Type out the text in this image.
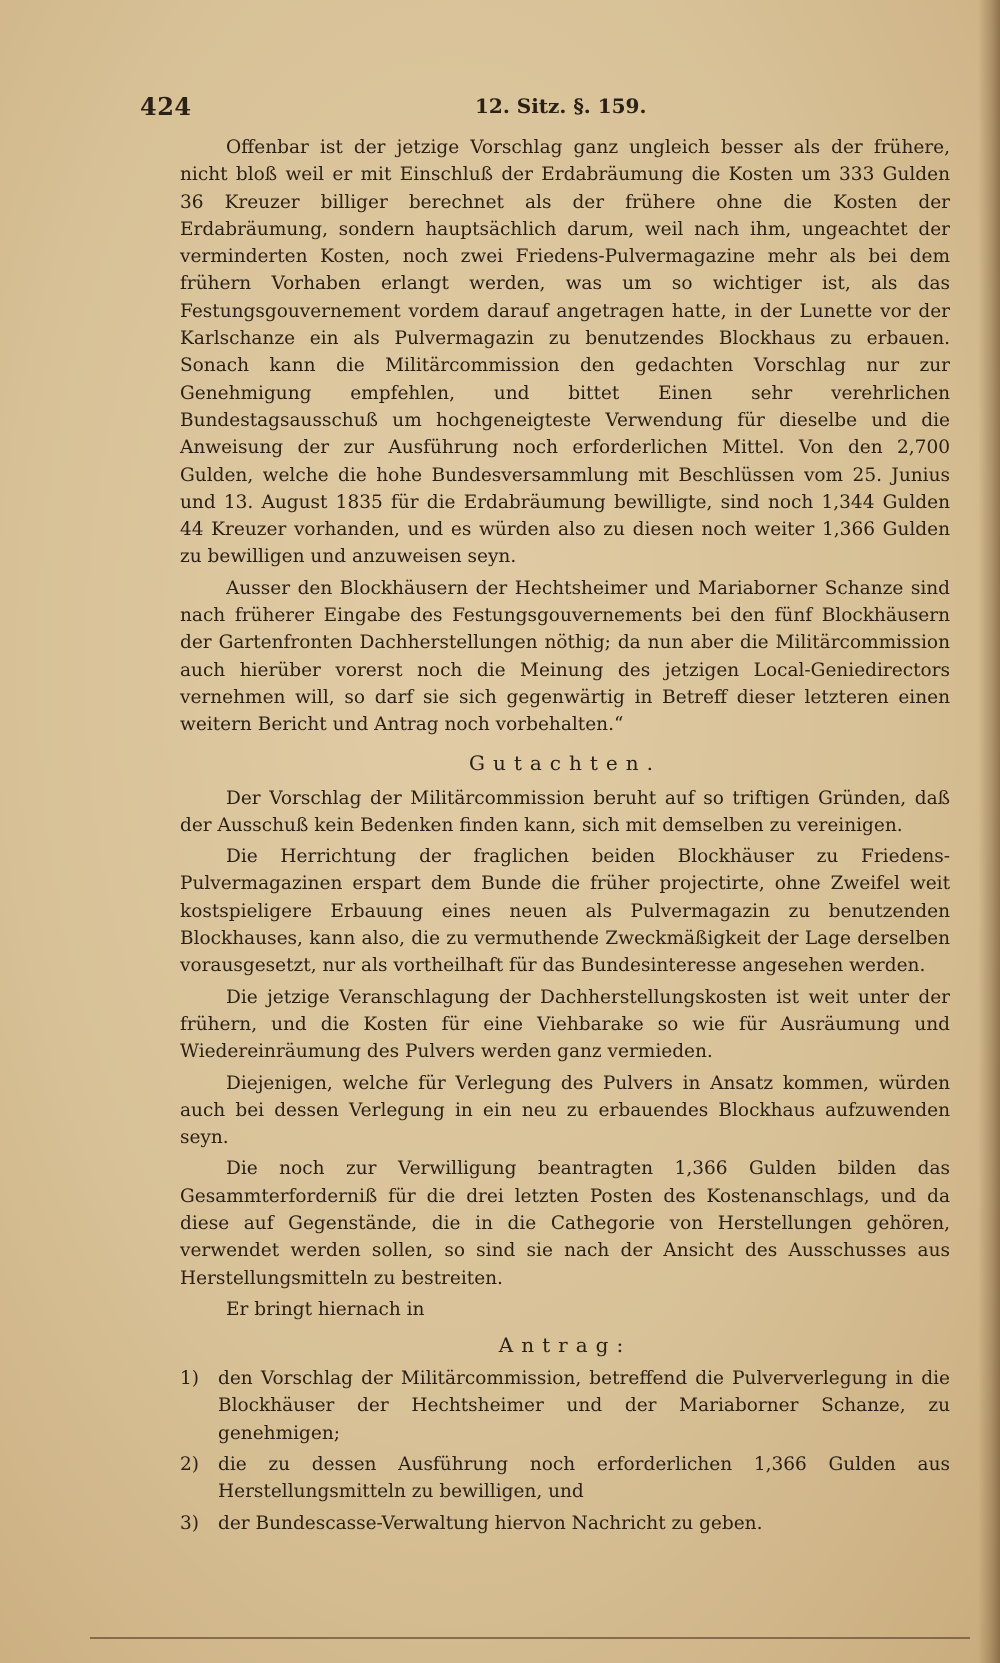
424	12. Sitz. §. 159.

Offenbar ist der jetzige Vorschlag ganz ungleich besser als der frühere, nicht bloß weil er mit Einschluß der Erdabräumung die Kosten um 333 Gulden 36 Kreuzer billiger berechnet als der frühere ohne die Kosten der Erdabräumung, sondern hauptsächlich darum, weil nach ihm, ungeachtet der verminderten Kosten, noch zwei Friedens-Pulvermagazine mehr als bei dem frühern Vorhaben erlangt werden, was um so wichtiger ist, als das Festungsgouvernement vordem darauf angetragen hatte, in der Lunette vor der Karlschanze ein als Pulvermagazin zu benutzendes Blockhaus zu erbauen. Sonach kann die Militärcommission den gedachten Vorschlag nur zur Genehmigung empfehlen, und bittet Einen sehr verehrlichen Bundestagsausschuß um hochgeneigteste Verwendung für dieselbe und die Anweisung der zur Ausführung noch erforderlichen Mittel. Von den 2,700 Gulden, welche die hohe Bundesversammlung mit Beschlüssen vom 25. Junius und 13. August 1835 für die Erdabräumung bewilligte, sind noch 1,344 Gulden 44 Kreuzer vorhanden, und es würden also zu diesen noch weiter 1,366 Gulden zu bewilligen und anzuweisen seyn.

Ausser den Blockhäusern der Hechtsheimer und Mariaborner Schanze sind nach früherer Eingabe des Festungsgouvernements bei den fünf Blockhäusern der Gartenfronten Dachherstellungen nöthig; da nun aber die Militärcommission auch hierüber vorerst noch die Meinung des jetzigen Local-Geniedirectors vernehmen will, so darf sie sich gegenwärtig in Betreff dieser letzteren einen weitern Bericht und Antrag noch vorbehalten.“

Gutachten.

Der Vorschlag der Militärcommission beruht auf so triftigen Gründen, daß der Ausschuß kein Bedenken finden kann, sich mit demselben zu vereinigen.

Die Herrichtung der fraglichen beiden Blockhäuser zu Friedens-Pulvermagazinen erspart dem Bunde die früher projectirte, ohne Zweifel weit kostspieligere Erbauung eines neuen als Pulvermagazin zu benutzenden Blockhauses, kann also, die zu vermuthende Zweckmäßigkeit der Lage derselben vorausgesetzt, nur als vortheilhaft für das Bundesinteresse angesehen werden.

Die jetzige Veranschlagung der Dachherstellungskosten ist weit unter der frühern, und die Kosten für eine Viehbarake so wie für Ausräumung und Wiedereinräumung des Pulvers werden ganz vermieden.

Diejenigen, welche für Verlegung des Pulvers in Ansatz kommen, würden auch bei dessen Verlegung in ein neu zu erbauendes Blockhaus aufzuwenden seyn.

Die noch zur Verwilligung beantragten 1,366 Gulden bilden das Gesammterforderniß für die drei letzten Posten des Kostenanschlags, und da diese auf Gegenstände, die in die Cathegorie von Herstellungen gehören, verwendet werden sollen, so sind sie nach der Ansicht des Ausschusses aus Herstellungsmitteln zu bestreiten.

Er bringt hiernach in

Antrag:
1) den Vorschlag der Militärcommission, betreffend die Pulververlegung in die Blockhäuser der Hechtsheimer und der Mariaborner Schanze, zu genehmigen;
2) die zu dessen Ausführung noch erforderlichen 1,366 Gulden aus Herstellungsmitteln zu bewilligen, und
3) der Bundescasse-Verwaltung hiervon Nachricht zu geben.
